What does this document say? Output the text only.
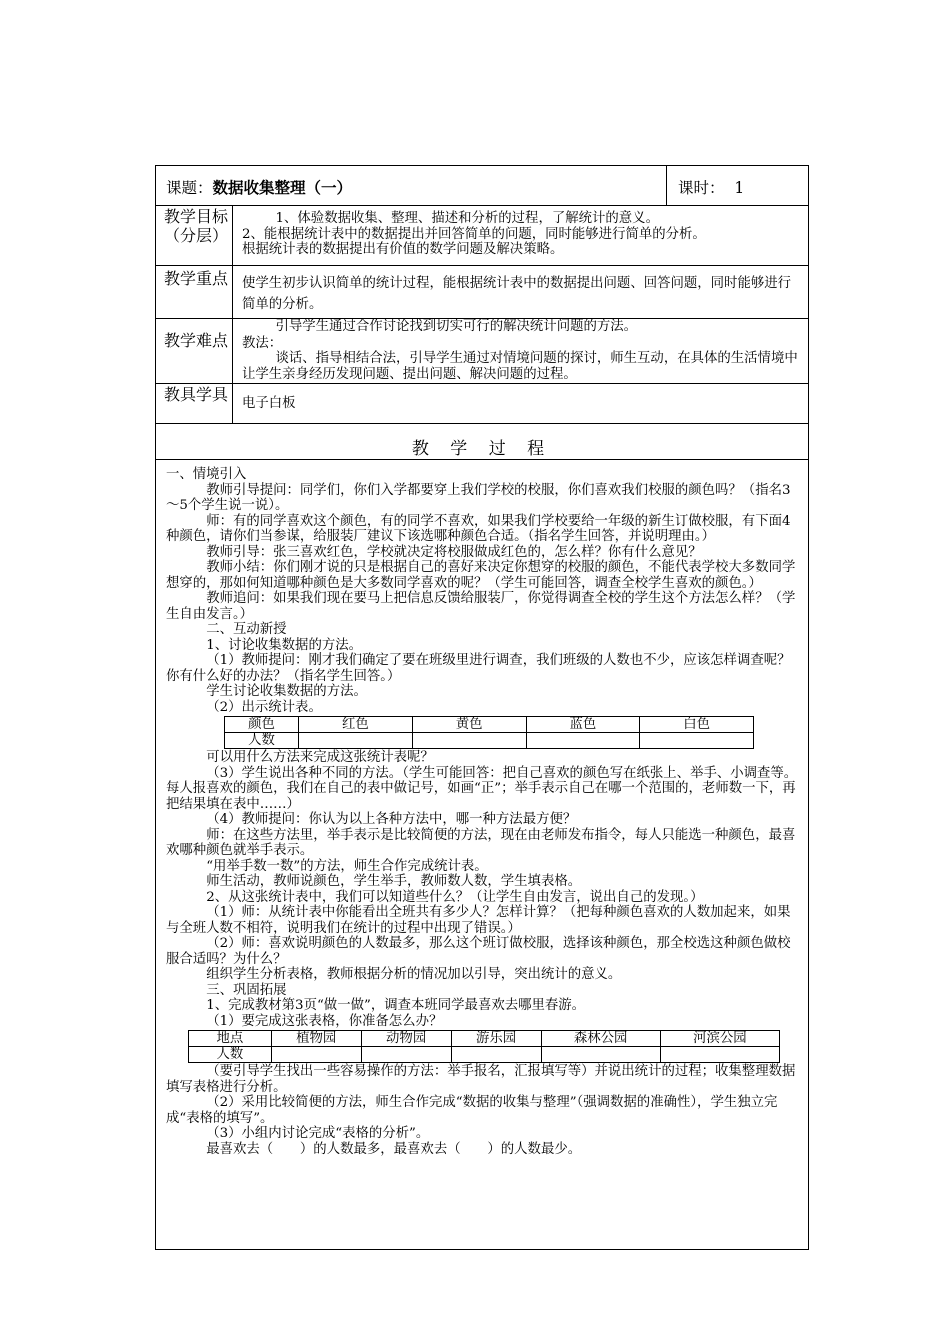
课题：数据收集整理（一）	课时： 1
教学目标（分层）
1、体验数据收集、整理、描述和分析的过程，了解统计的意义。
2、能根据统计表中的数据提出并回答简单的问题，同时能够进行简单的分析。
根据统计表的数据提出有价值的数学问题及解决策略。
教学重点 使学生初步认识简单的统计过程，能根据统计表中的数据提出问题、回答问题，同时能够进行简单的分析。
教学难点
引导学生通过合作讨论找到切实可行的解决统计问题的方法。
教法：
谈话、指导相结合法，引导学生通过对情境问题的探讨，师生互动，在具体的生活情境中让学生亲身经历发现问题、提出问题、解决问题的过程。
教具学具 电子白板
教 学 过 程

一、情境引入

教师引导提问：同学们，你们入学都要穿上我们学校的校服，你们喜欢我们校服的颜色吗？（指名3～5个学生说一说）。

师：有的同学喜欢这个颜色，有的同学不喜欢，如果我们学校要给一年级的新生订做校服，有下面4种颜色，请你们当参谋，给服装厂建议下该选哪种颜色合适。（指名学生回答，并说明理由。）

教师引导：张三喜欢红色，学校就决定将校服做成红色的，怎么样？你有什么意见？

教师小结：你们刚才说的只是根据自己的喜好来决定你想穿的校服的颜色，不能代表学校大多数同学想穿的，那如何知道哪种颜色是大多数同学喜欢的呢？（学生可能回答，调查全校学生喜欢的颜色。）

教师追问：如果我们现在要马上把信息反馈给服装厂，你觉得调查全校的学生这个方法怎么样？（学生自由发言。）

二、互动新授

1、讨论收集数据的方法。

（1）教师提问：刚才我们确定了要在班级里进行调查，我们班级的人数也不少，应该怎样调查呢？你有什么好的办法？（指名学生回答。）

学生讨论收集数据的方法。

（2）出示统计表。

颜色	红色	黄色	蓝色	白色
人数				

可以用什么方法来完成这张统计表呢？

（3）学生说出各种不同的方法。（学生可能回答：把自己喜欢的颜色写在纸张上、举手、小调查等。每人报喜欢的颜色，我们在自己的表中做记号，如画“正”；举手表示自己在哪一个范围的，老师数一下，再把结果填在表中……）

（4）教师提问：你认为以上各种方法中，哪一种方法最方便？

师：在这些方法里，举手表示是比较简便的方法，现在由老师发布指令，每人只能选一种颜色，最喜欢哪种颜色就举手表示。

“用举手数一数”的方法，师生合作完成统计表。

师生活动，教师说颜色，学生举手，教师数人数，学生填表格。

2、从这张统计表中，我们可以知道些什么？（让学生自由发言，说出自己的发现。）

（1）师：从统计表中你能看出全班共有多少人？怎样计算？（把每种颜色喜欢的人数加起来，如果与全班人数不相符，说明我们在统计的过程中出现了错误。）

（2）师：喜欢说明颜色的人数最多，那么这个班订做校服，选择该种颜色，那全校选这种颜色做校服合适吗？为什么？

组织学生分析表格，教师根据分析的情况加以引导，突出统计的意义。

三、巩固拓展

1、完成教材第3页“做一做”，调查本班同学最喜欢去哪里春游。

（1）要完成这张表格，你准备怎么办？

地点	植物园	动物园	游乐园	森林公园	河滨公园
人数					

（要引导学生找出一些容易操作的方法：举手报名，汇报填写等）并说出统计的过程；收集整理数据填写表格进行分析。

（2）采用比较简便的方法，师生合作完成“数据的收集与整理”（强调数据的准确性），学生独立完成“表格的填写”。

（3）小组内讨论完成“表格的分析”。

最喜欢去（　　）的人数最多，最喜欢去（　　）的人数最少。
